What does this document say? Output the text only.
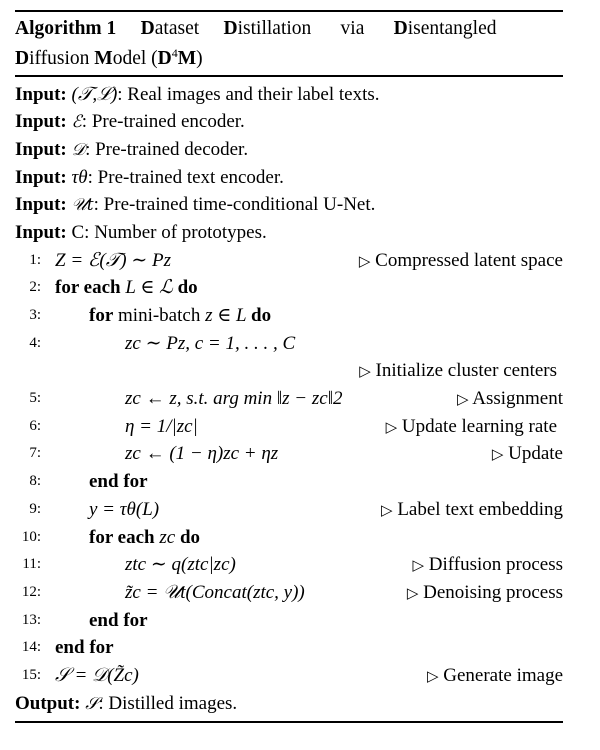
Algorithm 1 Dataset Distillation via Disentangled
Diffusion Model $(D^4M)$
Input: (𝒯,ℒ): Real images and their label texts.
Input: ℰ: Pre-trained encoder.
Input: 𝒟: Pre-trained decoder.
Input: τθ: Pre-trained text encoder.
Input: 𝒰t: Pre-trained time-conditional U-Net.
Input: C: Number of prototypes.
1: Z = ℰ(𝒯) ∼ Pz	▷ Compressed latent space
2: for each L ∈ ℒ do
3:	for mini-batch z ∈ L do
4:	zc ∼ Pz, c = 1, . . . , C
▷ Initialize cluster centers
5:	zc ← z, s.t. arg min ‖z − zc‖2	▷ Assignment
6:	η = 1/|zc|	▷ Update learning rate
7:	zc ← (1 − η)zc + ηz	▷ Update
8:	end for
9:	y = τθ(L)	▷ Label text embedding
10:	for each zc do
11:	ztc ∼ q(ztc|zc)	▷ Diffusion process
12:	z̃c = 𝒰t(Concat(ztc, y))	▷ Denoising process
13:	end for
14: end for
15: 𝒮 = 𝒟(Z̃c)	▷ Generate image
Output: 𝒮: Distilled images.
